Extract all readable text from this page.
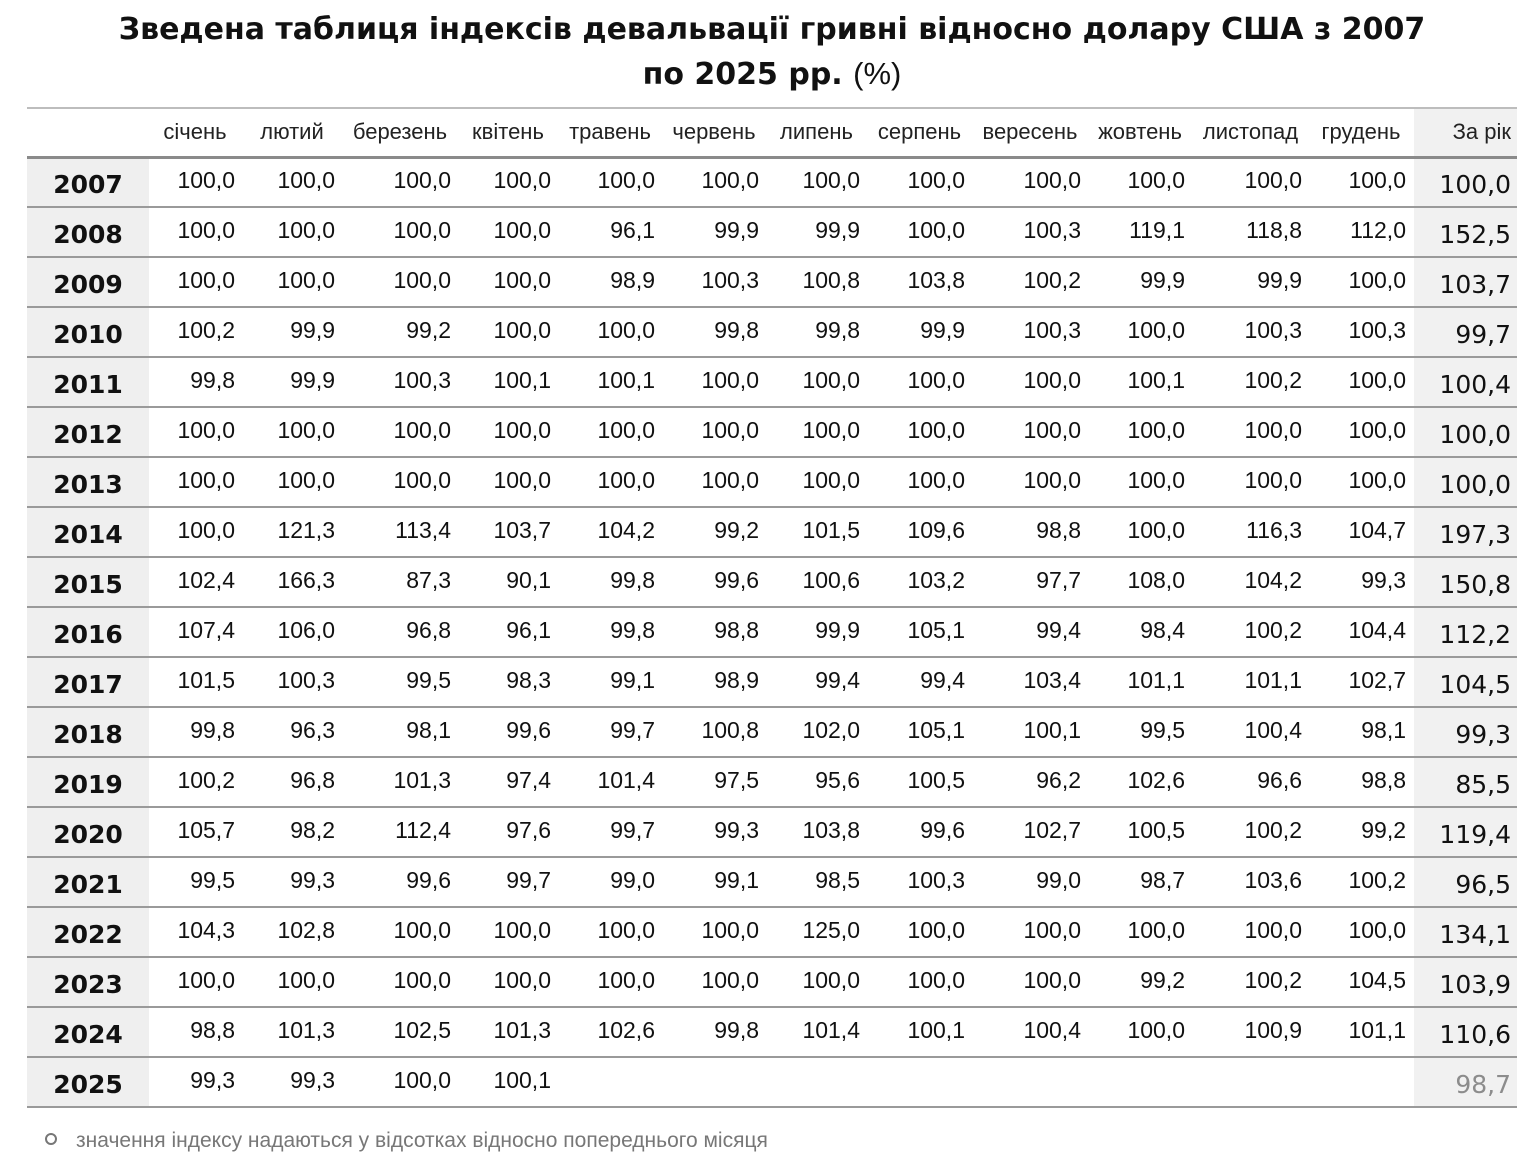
Зведена таблиця індексів девальвації гривні відносно долару США з 2007
по 2025 рр. (%)
	січень	лютий	березень	квітень	травень	червень	липень	серпень	вересень	жовтень	листопад	грудень	За рік
2007	100,0	100,0	100,0	100,0	100,0	100,0	100,0	100,0	100,0	100,0	100,0	100,0	100,0
2008	100,0	100,0	100,0	100,0	96,1	99,9	99,9	100,0	100,3	119,1	118,8	112,0	152,5
2009	100,0	100,0	100,0	100,0	98,9	100,3	100,8	103,8	100,2	99,9	99,9	100,0	103,7
2010	100,2	99,9	99,2	100,0	100,0	99,8	99,8	99,9	100,3	100,0	100,3	100,3	99,7
2011	99,8	99,9	100,3	100,1	100,1	100,0	100,0	100,0	100,0	100,1	100,2	100,0	100,4
2012	100,0	100,0	100,0	100,0	100,0	100,0	100,0	100,0	100,0	100,0	100,0	100,0	100,0
2013	100,0	100,0	100,0	100,0	100,0	100,0	100,0	100,0	100,0	100,0	100,0	100,0	100,0
2014	100,0	121,3	113,4	103,7	104,2	99,2	101,5	109,6	98,8	100,0	116,3	104,7	197,3
2015	102,4	166,3	87,3	90,1	99,8	99,6	100,6	103,2	97,7	108,0	104,2	99,3	150,8
2016	107,4	106,0	96,8	96,1	99,8	98,8	99,9	105,1	99,4	98,4	100,2	104,4	112,2
2017	101,5	100,3	99,5	98,3	99,1	98,9	99,4	99,4	103,4	101,1	101,1	102,7	104,5
2018	99,8	96,3	98,1	99,6	99,7	100,8	102,0	105,1	100,1	99,5	100,4	98,1	99,3
2019	100,2	96,8	101,3	97,4	101,4	97,5	95,6	100,5	96,2	102,6	96,6	98,8	85,5
2020	105,7	98,2	112,4	97,6	99,7	99,3	103,8	99,6	102,7	100,5	100,2	99,2	119,4
2021	99,5	99,3	99,6	99,7	99,0	99,1	98,5	100,3	99,0	98,7	103,6	100,2	96,5
2022	104,3	102,8	100,0	100,0	100,0	100,0	125,0	100,0	100,0	100,0	100,0	100,0	134,1
2023	100,0	100,0	100,0	100,0	100,0	100,0	100,0	100,0	100,0	99,2	100,2	104,5	103,9
2024	98,8	101,3	102,5	101,3	102,6	99,8	101,4	100,1	100,4	100,0	100,9	101,1	110,6
2025	99,3	99,3	100,0	100,1									98,7
значення індексу надаються у відсотках відносно попереднього місяця
